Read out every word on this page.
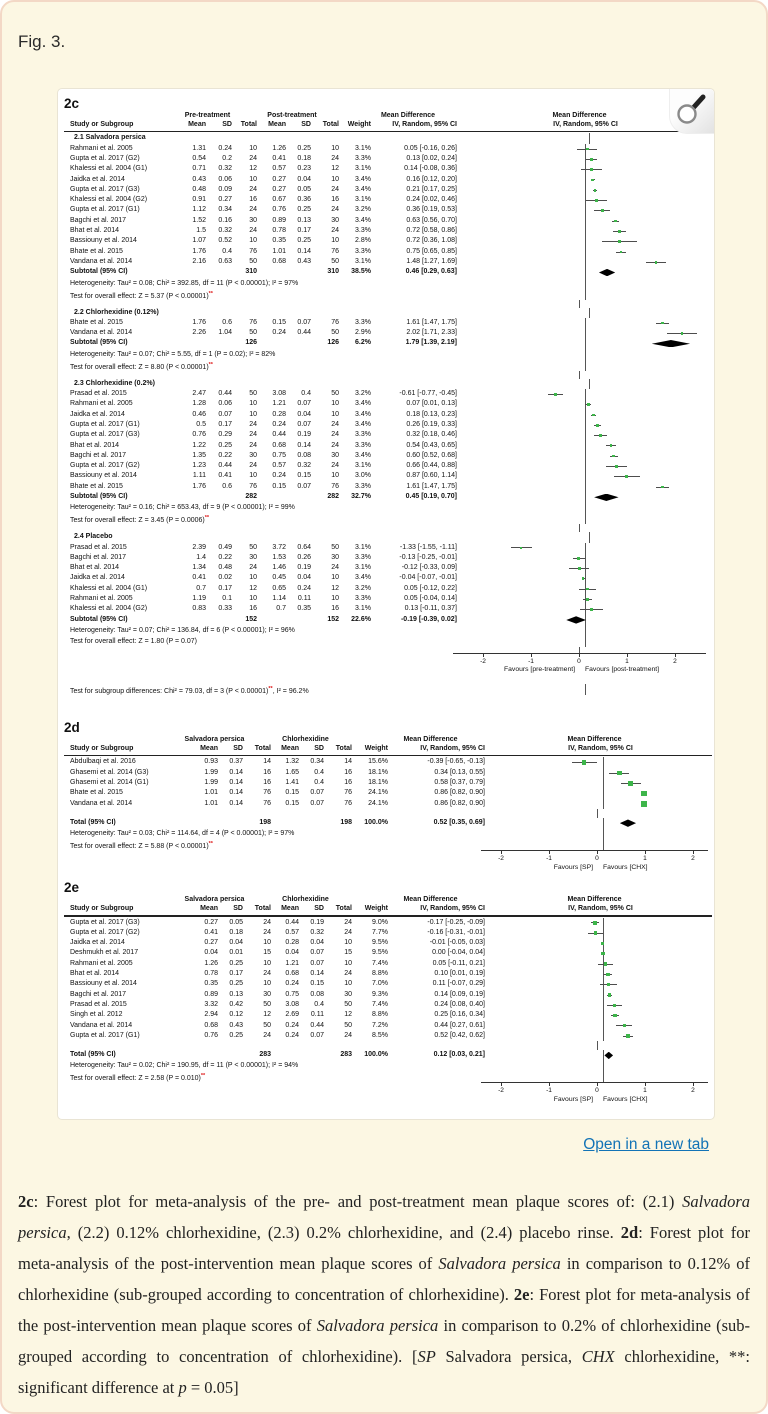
Fig. 3.
2c
Pre-treatment	Post-treatment	Mean Difference	Mean Difference
Study or Subgroup	Mean	SD	Total	Mean	SD	Total	Weight	IV, Random, 95% CI	IV, Random, 95% CI
2.1 Salvadora persica
Rahmani et al. 2005	1.31	0.24	10	1.26	0.25	10	3.1%	0.05 [-0.16, 0.26]
Gupta et al. 2017 (G2)	0.54	0.2	24	0.41	0.18	24	3.3%	0.13 [0.02, 0.24]
Khalessi et al. 2004 (G1)	0.71	0.32	12	0.57	0.23	12	3.1%	0.14 [-0.08, 0.36]
Jaidka et al. 2014	0.43	0.06	10	0.27	0.04	10	3.4%	0.16 [0.12, 0.20]
Gupta et al. 2017 (G3)	0.48	0.09	24	0.27	0.05	24	3.4%	0.21 [0.17, 0.25]
Khalessi et al. 2004 (G2)	0.91	0.27	16	0.67	0.36	16	3.1%	0.24 [0.02, 0.46]
Gupta et al. 2017 (G1)	1.12	0.34	24	0.76	0.25	24	3.2%	0.36 [0.19, 0.53]
Bagchi et al. 2017	1.52	0.16	30	0.89	0.13	30	3.4%	0.63 [0.56, 0.70]
Bhat et al. 2014	1.5	0.32	24	0.78	0.17	24	3.3%	0.72 [0.58, 0.86]
Bassiouny et al. 2014	1.07	0.52	10	0.35	0.25	10	2.8%	0.72 [0.36, 1.08]
Bhate et al. 2015	1.76	0.4	76	1.01	0.14	76	3.3%	0.75 [0.65, 0.85]
Vandana et al. 2014	2.16	0.63	50	0.68	0.43	50	3.1%	1.48 [1.27, 1.69]
Subtotal (95% CI)	310	310	38.5%	0.46 [0.29, 0.63]
Heterogeneity: Tau² = 0.08; Chi² = 392.85, df = 11 (P < 0.00001); I² = 97%
Test for overall effect: Z = 5.37 (P < 0.00001)**
2.2 Chlorhexidine (0.12%)
Bhate et al. 2015	1.76	0.6	76	0.15	0.07	76	3.3%	1.61 [1.47, 1.75]
Vandana et al. 2014	2.26	1.04	50	0.24	0.44	50	2.9%	2.02 [1.71, 2.33]
Subtotal (95% CI)	126	126	6.2%	1.79 [1.39, 2.19]
Heterogeneity: Tau² = 0.07; Chi² = 5.55, df = 1 (P = 0.02); I² = 82%
Test for overall effect: Z = 8.80 (P < 0.00001)**
2.3 Chlorhexidine (0.2%)
Prasad et al. 2015	2.47	0.44	50	3.08	0.4	50	3.2%	-0.61 [-0.77, -0.45]
Rahmani et al. 2005	1.28	0.06	10	1.21	0.07	10	3.4%	0.07 [0.01, 0.13]
Jaidka et al. 2014	0.46	0.07	10	0.28	0.04	10	3.4%	0.18 [0.13, 0.23]
Gupta et al. 2017 (G1)	0.5	0.17	24	0.24	0.07	24	3.4%	0.26 [0.19, 0.33]
Gupta et al. 2017 (G3)	0.76	0.29	24	0.44	0.19	24	3.3%	0.32 [0.18, 0.46]
Bhat et al. 2014	1.22	0.25	24	0.68	0.14	24	3.3%	0.54 [0.43, 0.65]
Bagchi et al. 2017	1.35	0.22	30	0.75	0.08	30	3.4%	0.60 [0.52, 0.68]
Gupta et al. 2017 (G2)	1.23	0.44	24	0.57	0.32	24	3.1%	0.66 [0.44, 0.88]
Bassiouny et al. 2014	1.11	0.41	10	0.24	0.15	10	3.0%	0.87 [0.60, 1.14]
Bhate et al. 2015	1.76	0.6	76	0.15	0.07	76	3.3%	1.61 [1.47, 1.75]
Subtotal (95% CI)	282	282	32.7%	0.45 [0.19, 0.70]
Heterogeneity: Tau² = 0.16; Chi² = 653.43, df = 9 (P < 0.00001); I² = 99%
Test for overall effect: Z = 3.45 (P = 0.0006)**
2.4 Placebo
Prasad et al. 2015	2.39	0.49	50	3.72	0.64	50	3.1%	-1.33 [-1.55, -1.11]
Bagchi et al. 2017	1.4	0.22	30	1.53	0.26	30	3.3%	-0.13 [-0.25, -0.01]
Bhat et al. 2014	1.34	0.48	24	1.46	0.19	24	3.1%	-0.12 [-0.33, 0.09]
Jaidka et al. 2014	0.41	0.02	10	0.45	0.04	10	3.4%	-0.04 [-0.07, -0.01]
Khalessi et al. 2004 (G1)	0.7	0.17	12	0.65	0.24	12	3.2%	0.05 [-0.12, 0.22]
Rahmani et al. 2005	1.19	0.1	10	1.14	0.11	10	3.3%	0.05 [-0.04, 0.14]
Khalessi et al. 2004 (G2)	0.83	0.33	16	0.7	0.35	16	3.1%	0.13 [-0.11, 0.37]
Subtotal (95% CI)	152	152	22.6%	-0.19 [-0.39, 0.02]
Heterogeneity: Tau² = 0.07; Chi² = 136.84, df = 6 (P < 0.00001); I² = 96%
Test for overall effect: Z = 1.80 (P = 0.07)
-2	-1	0	1	2
Favours [pre-treatment] Favours [post-treatment]
Test for subgroup differences: Chi² = 79.03, df = 3 (P < 0.00001)**, I² = 96.2%
2d
Salvadora persica	Chlorhexidine	Mean Difference	Mean Difference
Study or Subgroup	Mean	SD	Total	Mean	SD	Total	Weight	IV, Random, 95% CI	IV, Random, 95% CI
Abdulbaqi et al. 2016	0.93	0.37	14	1.32	0.34	14	15.6%	-0.39 [-0.65, -0.13]
Ghasemi et al. 2014 (G3)	1.99	0.14	16	1.65	0.4	16	18.1%	0.34 [0.13, 0.55]
Ghasemi et al. 2014 (G1)	1.99	0.14	16	1.41	0.4	16	18.1%	0.58 [0.37, 0.79]
Bhate et al. 2015	1.01	0.14	76	0.15	0.07	76	24.1%	0.86 [0.82, 0.90]
Vandana et al. 2014	1.01	0.14	76	0.15	0.07	76	24.1%	0.86 [0.82, 0.90]
Total (95% CI)	198	198	100.0%	0.52 [0.35, 0.69]
Heterogeneity: Tau² = 0.03; Chi² = 114.64, df = 4 (P < 0.00001); I² = 97%
Test for overall effect: Z = 5.88 (P < 0.00001)**
-2	-1	0	1	2
Favours [SP] Favours [CHX]
2e
Salvadora persica	Chlorhexidine	Mean Difference	Mean Difference
Study or Subgroup	Mean	SD	Total	Mean	SD	Total	Weight	IV, Random, 95% CI	IV, Random, 95% CI
Gupta et al. 2017 (G3)	0.27	0.05	24	0.44	0.19	24	9.0%	-0.17 [-0.25, -0.09]
Gupta et al. 2017 (G2)	0.41	0.18	24	0.57	0.32	24	7.7%	-0.16 [-0.31, -0.01]
Jaidka et al. 2014	0.27	0.04	10	0.28	0.04	10	9.5%	-0.01 [-0.05, 0.03]
Deshmukh et al. 2017	0.04	0.01	15	0.04	0.07	15	9.5%	0.00 [-0.04, 0.04]
Rahmani et al. 2005	1.26	0.25	10	1.21	0.07	10	7.4%	0.05 [-0.11, 0.21]
Bhat et al. 2014	0.78	0.17	24	0.68	0.14	24	8.8%	0.10 [0.01, 0.19]
Bassiouny et al. 2014	0.35	0.25	10	0.24	0.15	10	7.0%	0.11 [-0.07, 0.29]
Bagchi et al. 2017	0.89	0.13	30	0.75	0.08	30	9.3%	0.14 [0.09, 0.19]
Prasad et al. 2015	3.32	0.42	50	3.08	0.4	50	7.4%	0.24 [0.08, 0.40]
Singh et al. 2012	2.94	0.12	12	2.69	0.11	12	8.8%	0.25 [0.16, 0.34]
Vandana et al. 2014	0.68	0.43	50	0.24	0.44	50	7.2%	0.44 [0.27, 0.61]
Gupta et al. 2017 (G1)	0.76	0.25	24	0.24	0.07	24	8.5%	0.52 [0.42, 0.62]
Total (95% CI)	283	283	100.0%	0.12 [0.03, 0.21]
Heterogeneity: Tau² = 0.02; Chi² = 190.95, df = 11 (P < 0.00001); I² = 94%
Test for overall effect: Z = 2.58 (P = 0.010)**
-2	-1	0	1	2
Favours [SP] Favours [CHX]
Open in a new tab

2c: Forest plot for meta-analysis of the pre- and post-treatment mean plaque scores of: (2.1) Salvadora persica, (2.2) 0.12% chlorhexidine, (2.3) 0.2% chlorhexidine, and (2.4) placebo rinse. 2d: Forest plot for meta-analysis of the post-intervention mean plaque scores of Salvadora persica in comparison to 0.12% of chlorhexidine (sub-grouped according to concentration of chlorhexidine). 2e: Forest plot for meta-analysis of the post-intervention mean plaque scores of Salvadora persica in comparison to 0.2% of chlorhexidine (sub-grouped according to concentration of chlorhexidine). [SP Salvadora persica, CHX chlorhexidine, **: significant difference at p = 0.05]
